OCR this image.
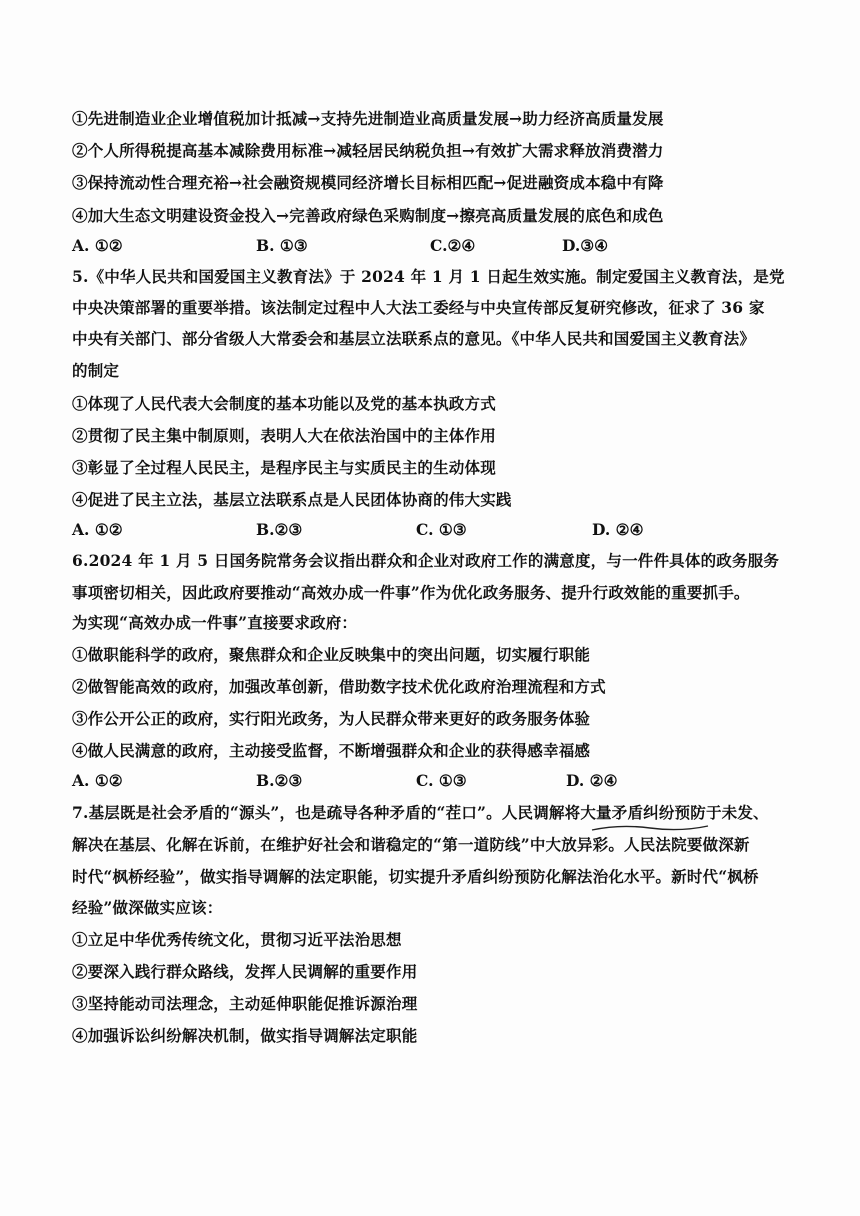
①先进制造业企业增值税加计抵减→支持先进制造业高质量发展→助力经济高质量发展
②个人所得税提高基本减除费用标准→减轻居民纳税负担→有效扩大需求释放消费潜力
③保持流动性合理充裕→社会融资规模同经济增长目标相匹配→促进融资成本稳中有降
④加大生态文明建设资金投入→完善政府绿色采购制度→擦亮高质量发展的底色和成色
A. ①②	B. ①③	C.②④	D.③④
5.《中华人民共和国爱国主义教育法》于 2024 年 1 月 1 日起生效实施。制定爱国主义教育法，是党
中央决策部署的重要举措。该法制定过程中人大法工委经与中央宣传部反复研究修改，征求了 36 家
中央有关部门、部分省级人大常委会和基层立法联系点的意见。《中华人民共和国爱国主义教育法》
的制定
①体现了人民代表大会制度的基本功能以及党的基本执政方式
②贯彻了民主集中制原则，表明人大在依法治国中的主体作用
③彰显了全过程人民民主，是程序民主与实质民主的生动体现
④促进了民主立法，基层立法联系点是人民团体协商的伟大实践
A. ①②	B.②③	C. ①③	D. ②④
6.2024 年 1 月 5 日国务院常务会议指出群众和企业对政府工作的满意度，与一件件具体的政务服务
事项密切相关，因此政府要推动“高效办成一件事”作为优化政务服务、提升行政效能的重要抓手。
为实现“高效办成一件事”直接要求政府：
①做职能科学的政府，聚焦群众和企业反映集中的突出问题，切实履行职能
②做智能高效的政府，加强改革创新，借助数字技术优化政府治理流程和方式
③作公开公正的政府，实行阳光政务，为人民群众带来更好的政务服务体验
④做人民满意的政府，主动接受监督，不断增强群众和企业的获得感幸福感
A. ①②	B.②③	C. ①③	D. ②④
7.基层既是社会矛盾的“源头”，也是疏导各种矛盾的“茬口”。人民调解将大量矛盾纠纷预防于未发、
解决在基层、化解在诉前，在维护好社会和谐稳定的“第一道防线”中大放异彩。人民法院要做深新
时代“枫桥经验”，做实指导调解的法定职能，切实提升矛盾纠纷预防化解法治化水平。新时代“枫桥
经验”做深做实应该：
①立足中华优秀传统文化，贯彻习近平法治思想
②要深入践行群众路线，发挥人民调解的重要作用
③坚持能动司法理念，主动延伸职能促推诉源治理
④加强诉讼纠纷解决机制，做实指导调解法定职能
